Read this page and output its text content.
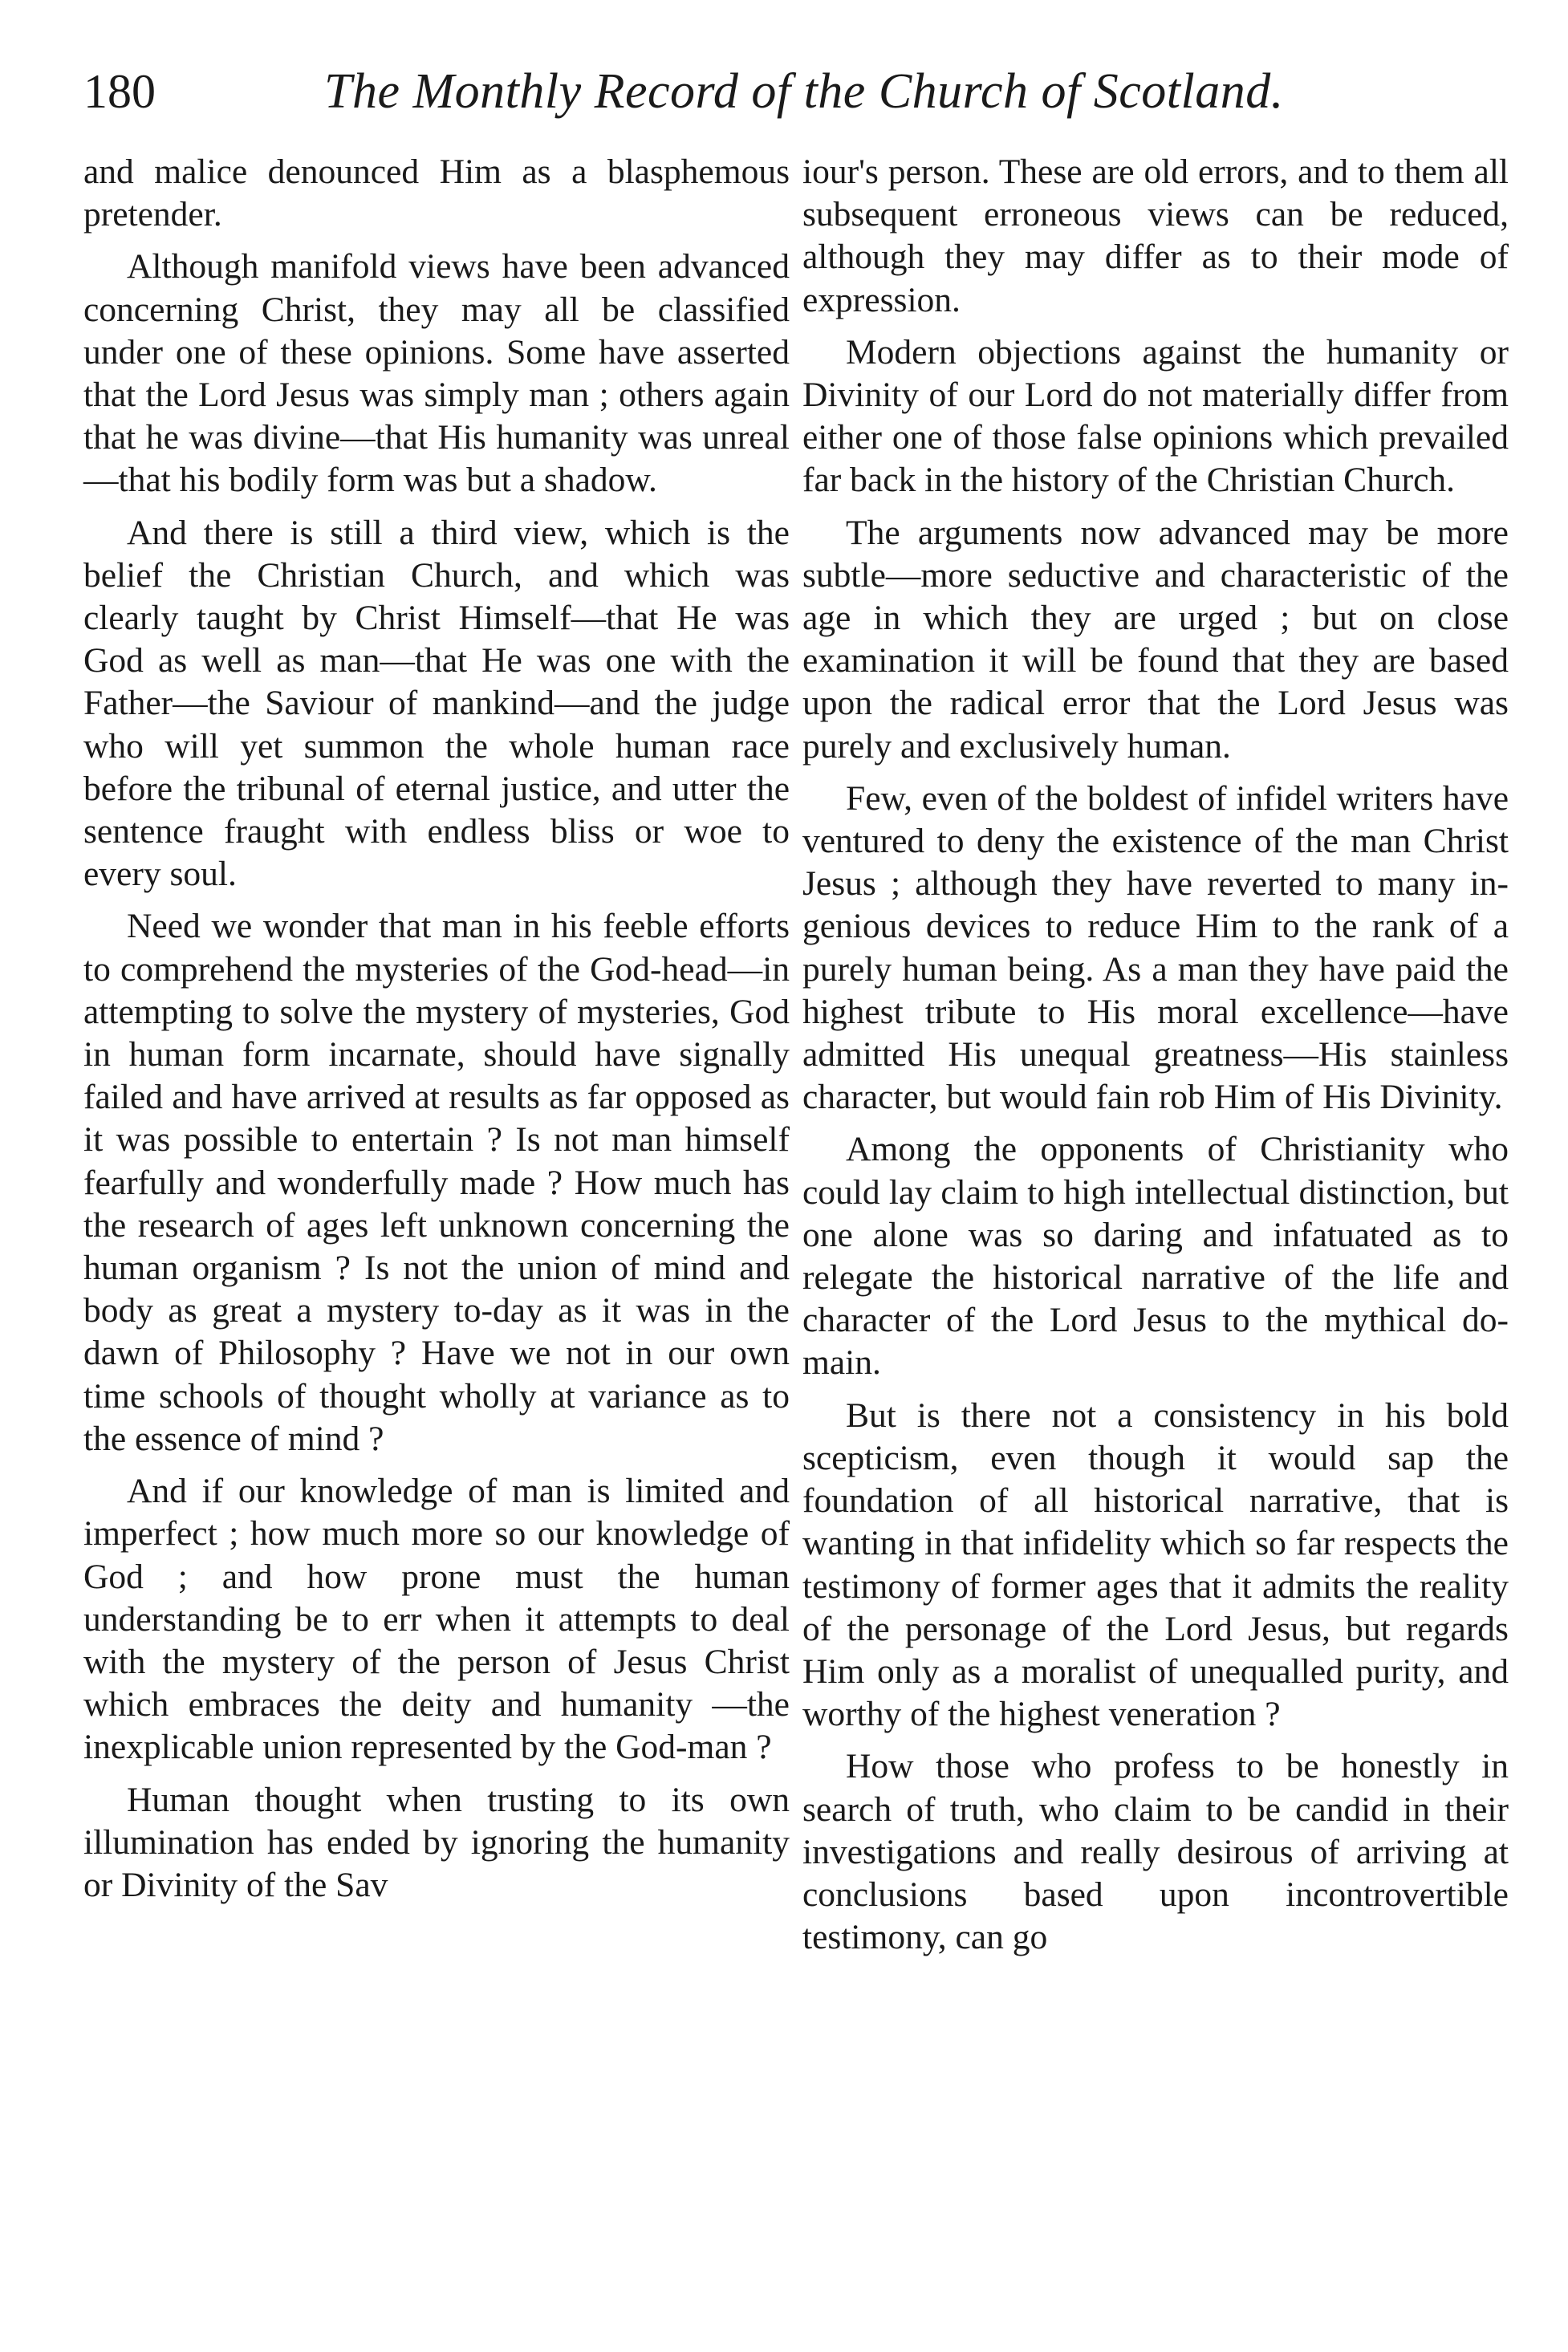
180	The Monthly Record of the Church of Scotland.

and malice denounced Him as a blasphemous pretender.

Although manifold views have been advanced concerning Christ, they may all be classified under one of these opinions. Some have asserted that the Lord Jesus was simply man ; others again that he was divine—that His humanity was unreal—that his bodily form was but a shadow.

And there is still a third view, which is the belief the Christian Church, and which was clearly taught by Christ Himself—that He was God as well as man—that He was one with the Father—the Saviour of mankind—and the judge who will yet summon the whole human race before the tribunal of eternal justice, and utter the sentence fraught with endless bliss or woe to every soul.

Need we wonder that man in his feeble efforts to comprehend the mysteries of the God-head—in attempting to solve the mystery of mysteries, God in human form incarnate, should have signally failed and have arrived at results as far opposed as it was possible to entertain ? Is not man himself fearfully and wonderfully made ? How much has the research of ages left unknown concerning the human organism ? Is not the union of mind and body as great a mystery to-day as it was in the dawn of Philosophy ? Have we not in our own time schools of thought wholly at variance as to the essence of mind ?

And if our knowledge of man is limited and imperfect ; how much more so our knowledge of God ; and how prone must the human understanding be to err when it attempts to deal with the mystery of the person of Jesus Christ which embraces the deity and humanity —the inexplicable union represented by the God-man ?

Human thought when trusting to its own illumination has ended by ignoring the humanity or Divinity of the Sav

iour's person. These are old errors, and to them all subsequent erroneous views can be reduced, although they may differ as to their mode of expression.

Modern objections against the humanity or Divinity of our Lord do not materially differ from either one of those false opinions which prevailed far back in the history of the Christian Church.

The arguments now advanced may be more subtle—more seductive and characteristic of the age in which they are urged ; but on close examination it will be found that they are based upon the radical error that the Lord Jesus was purely and exclusively human.

Few, even of the boldest of infidel writers have ventured to deny the existence of the man Christ Jesus ; although they have reverted to many ingenious devices to reduce Him to the rank of a purely human being. As a man they have paid the highest tribute to His moral excellence—have admitted His unequal greatness—His stainless character, but would fain rob Him of His Divinity.

Among the opponents of Christianity who could lay claim to high intellectual distinction, but one alone was so daring and infatuated as to relegate the historical narrative of the life and character of the Lord Jesus to the mythical domain.

But is there not a consistency in his bold scepticism, even though it would sap the foundation of all historical narrative, that is wanting in that infidelity which so far respects the testimony of former ages that it admits the reality of the personage of the Lord Jesus, but regards Him only as a moralist of unequalled purity, and worthy of the highest veneration ?

How those who profess to be honestly in search of truth, who claim to be candid in their investigations and really desirous of arriving at conclusions based upon incontrovertible testimony, can go
